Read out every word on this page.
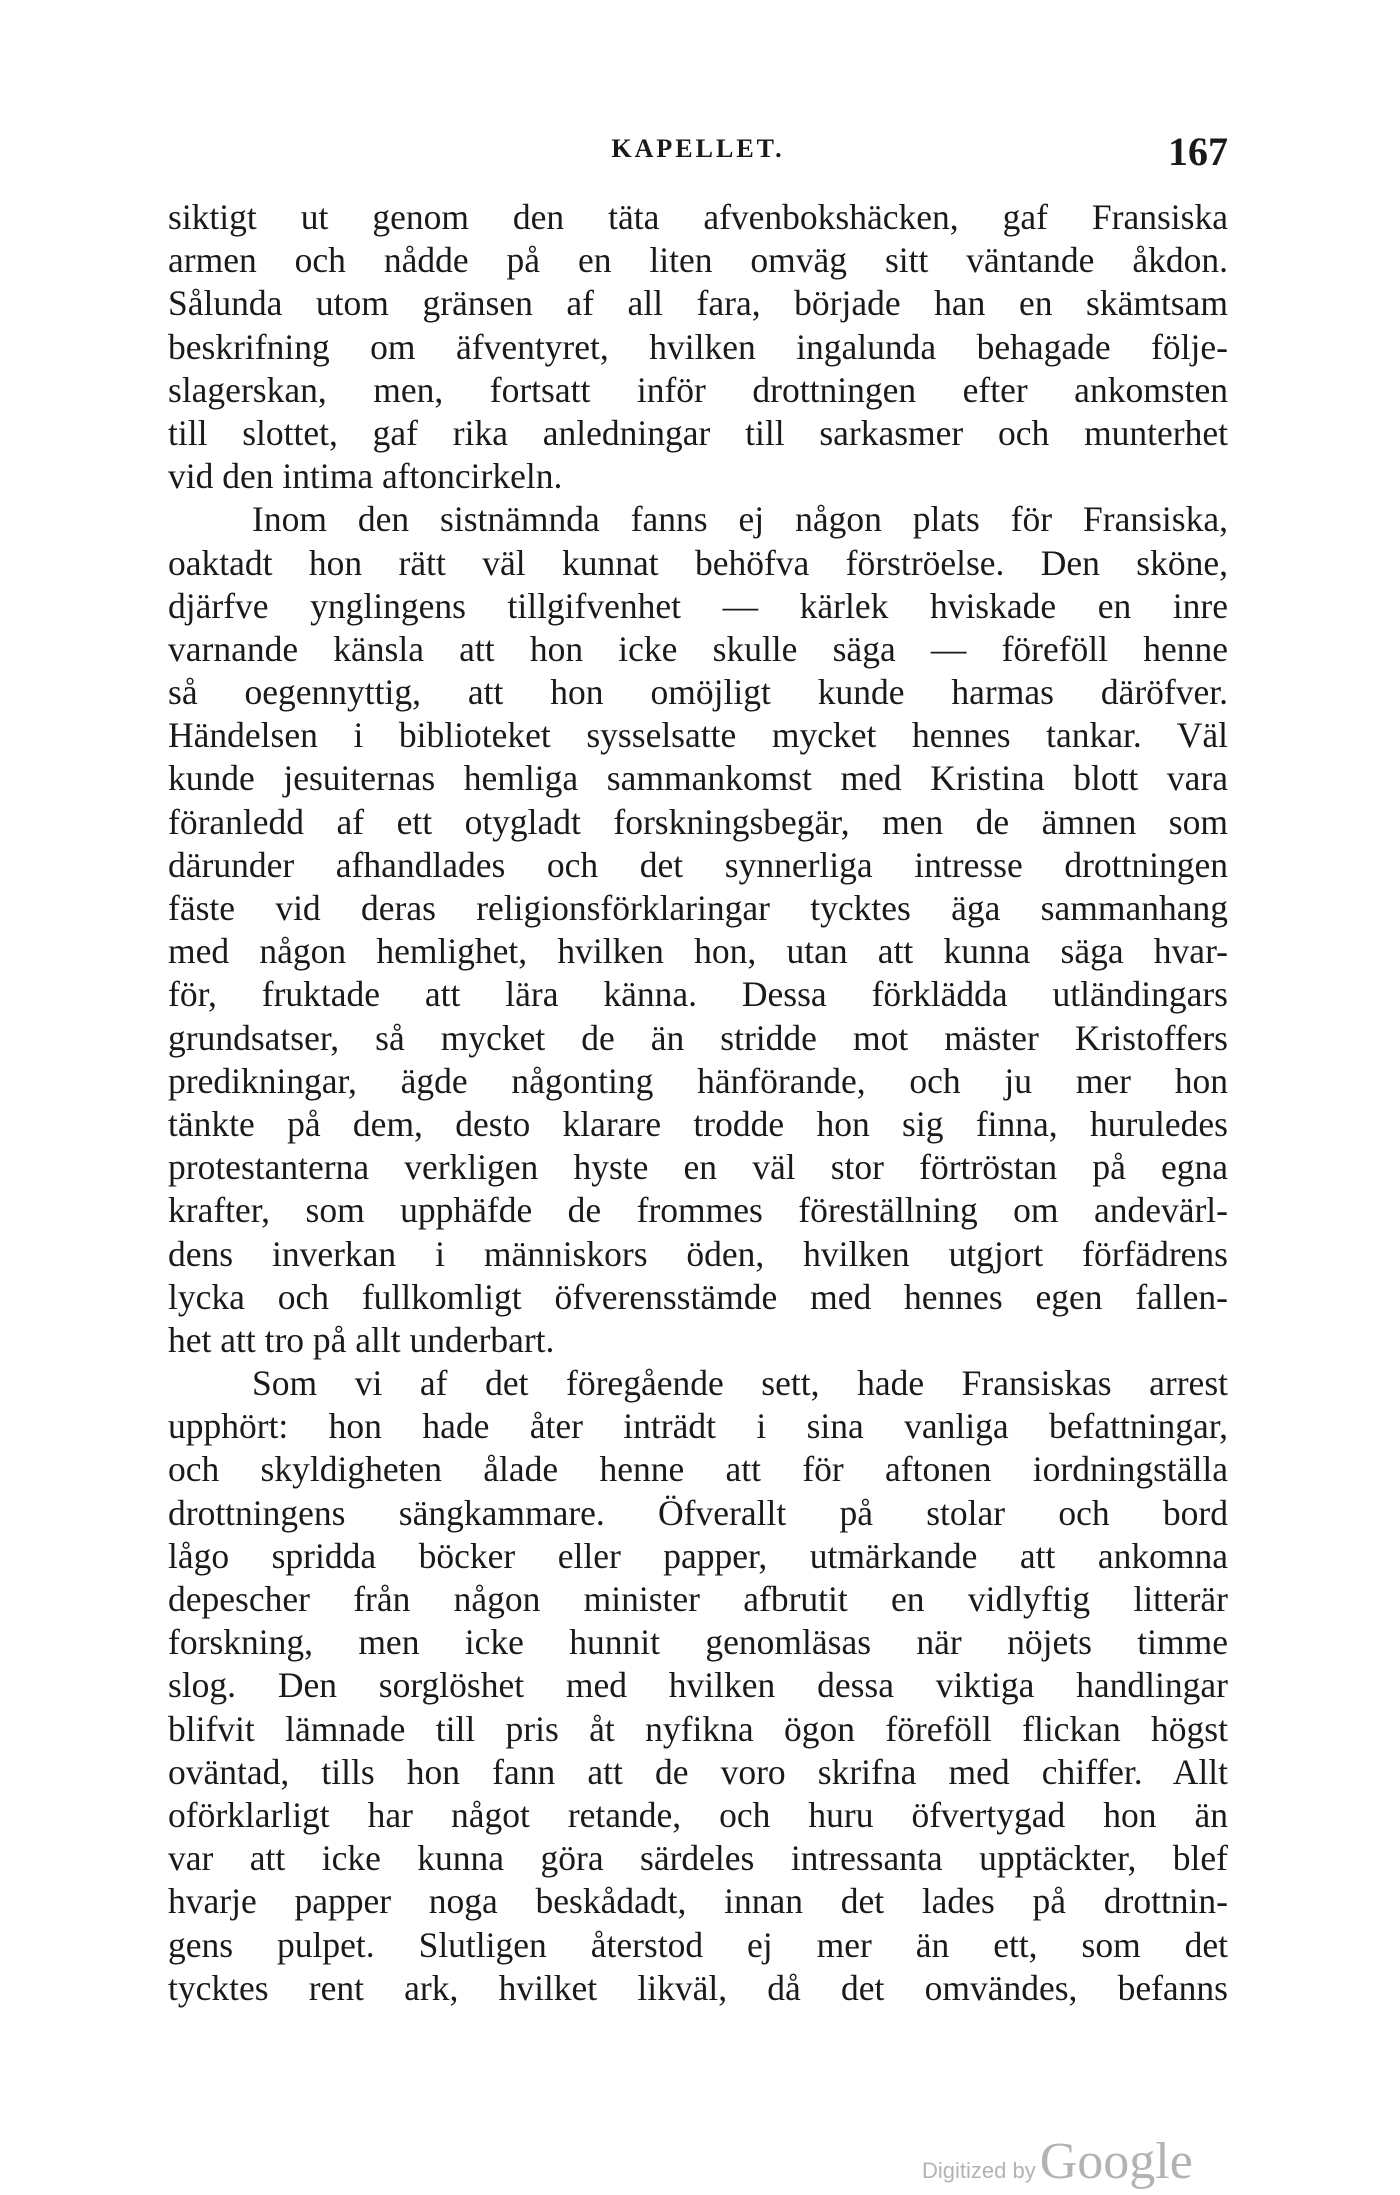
KAPELLET.	167
siktigt ut genom den täta afvenbokshäcken, gaf Fransiska
armen och nådde på en liten omväg sitt väntande åkdon.
Sålunda utom gränsen af all fara, började han en skämtsam
beskrifning om äfventyret, hvilken ingalunda behagade följe-
slagerskan, men, fortsatt inför drottningen efter ankomsten
till slottet, gaf rika anledningar till sarkasmer och munterhet
vid den intima aftoncirkeln.
Inom den sistnämnda fanns ej någon plats för Fransiska,
oaktadt hon rätt väl kunnat behöfva förströelse. Den sköne,
djärfve ynglingens tillgifvenhet — kärlek hviskade en inre
varnande känsla att hon icke skulle säga — föreföll henne
så oegennyttig, att hon omöjligt kunde harmas däröfver.
Händelsen i biblioteket sysselsatte mycket hennes tankar. Väl
kunde jesuiternas hemliga sammankomst med Kristina blott vara
föranledd af ett otygladt forskningsbegär, men de ämnen som
därunder afhandlades och det synnerliga intresse drottningen
fäste vid deras religionsförklaringar tycktes äga sammanhang
med någon hemlighet, hvilken hon, utan att kunna säga hvar-
för, fruktade att lära känna. Dessa förklädda utländingars
grundsatser, så mycket de än stridde mot mäster Kristoffers
predikningar, ägde någonting hänförande, och ju mer hon
tänkte på dem, desto klarare trodde hon sig finna, huruledes
protestanterna verkligen hyste en väl stor förtröstan på egna
krafter, som upphäfde de frommes föreställning om andevärl-
dens inverkan i människors öden, hvilken utgjort förfädrens
lycka och fullkomligt öfverensstämde med hennes egen fallen-
het att tro på allt underbart.
Som vi af det föregående sett, hade Fransiskas arrest
upphört: hon hade åter inträdt i sina vanliga befattningar,
och skyldigheten ålade henne att för aftonen iordningställa
drottningens sängkammare. Öfverallt på stolar och bord
lågo spridda böcker eller papper, utmärkande att ankomna
depescher från någon minister afbrutit en vidlyftig litterär
forskning, men icke hunnit genomläsas när nöjets timme
slog. Den sorglöshet med hvilken dessa viktiga handlingar
blifvit lämnade till pris åt nyfikna ögon föreföll flickan högst
oväntad, tills hon fann att de voro skrifna med chiffer. Allt
oförklarligt har något retande, och huru öfvertygad hon än
var att icke kunna göra särdeles intressanta upptäckter, blef
hvarje papper noga beskådadt, innan det lades på drottnin-
gens pulpet. Slutligen återstod ej mer än ett, som det
tycktes rent ark, hvilket likväl, då det omvändes, befanns
Digitized by Google
